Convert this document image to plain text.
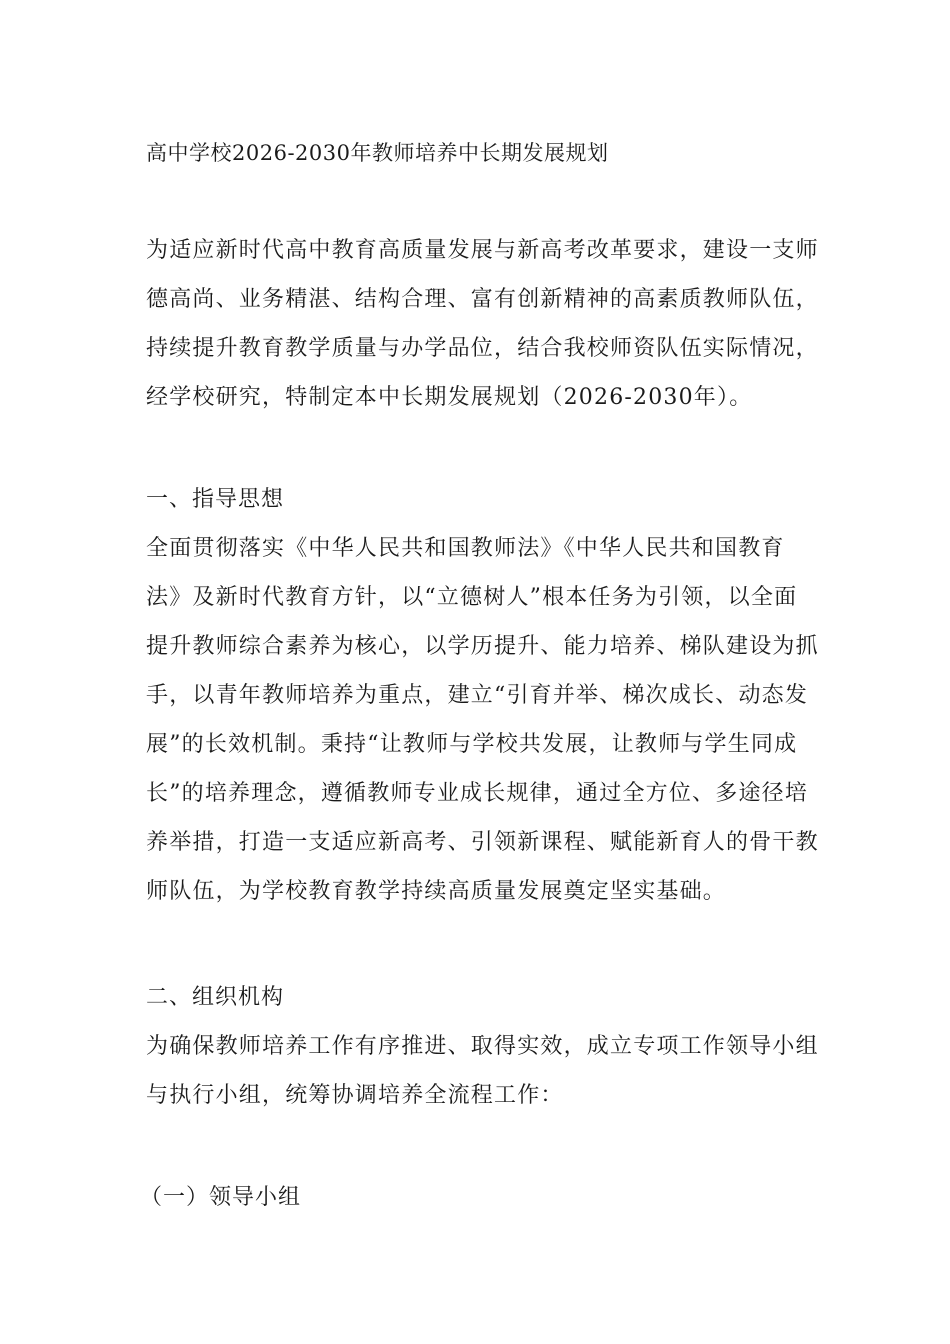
高中学校2026-2030年教师培养中长期发展规划
为适应新时代高中教育高质量发展与新高考改革要求，建设一支师
德高尚、业务精湛、结构合理、富有创新精神的高素质教师队伍，
持续提升教育教学质量与办学品位，结合我校师资队伍实际情况，
经学校研究，特制定本中长期发展规划（2026-2030年）。
一、指导思想
全面贯彻落实《中华人民共和国教师法》《中华人民共和国教育
法》及新时代教育方针，以“立德树人”根本任务为引领，以全面
提升教师综合素养为核心，以学历提升、能力培养、梯队建设为抓
手，以青年教师培养为重点，建立“引育并举、梯次成长、动态发
展”的长效机制。秉持“让教师与学校共发展，让教师与学生同成
长”的培养理念，遵循教师专业成长规律，通过全方位、多途径培
养举措，打造一支适应新高考、引领新课程、赋能新育人的骨干教
师队伍，为学校教育教学持续高质量发展奠定坚实基础。
二、组织机构
为确保教师培养工作有序推进、取得实效，成立专项工作领导小组
与执行小组，统筹协调培养全流程工作：
（一）领导小组
